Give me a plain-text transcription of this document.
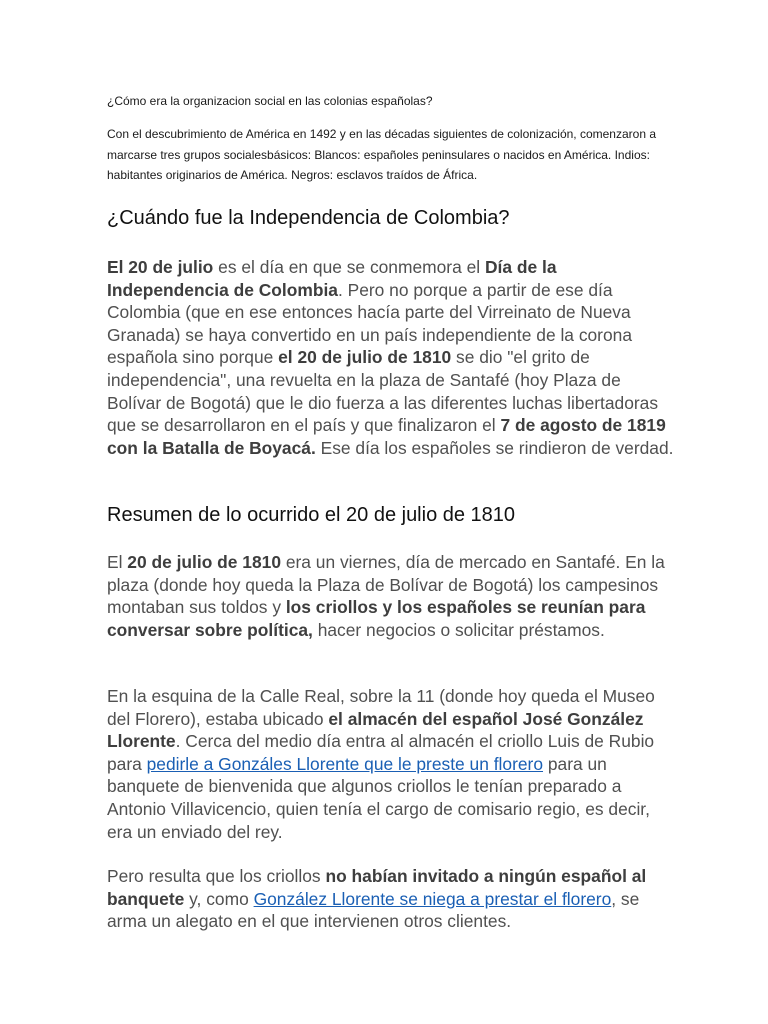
¿Cómo era la organizacion social en las colonias españolas?

Con el descubrimiento de América en 1492 y en las décadas siguientes de colonización, comenzaron a marcarse tres grupos socialesbásicos: Blancos: españoles peninsulares o nacidos en América. Indios: habitantes originarios de América. Negros: esclavos traídos de África.

¿Cuándo fue la Independencia de Colombia?

El 20 de julio es el día en que se conmemora el Día de la Independencia de Colombia. Pero no porque a partir de ese día Colombia (que en ese entonces hacía parte del Virreinato de Nueva Granada) se haya convertido en un país independiente de la corona española sino porque el 20 de julio de 1810 se dio "el grito de independencia", una revuelta en la plaza de Santafé (hoy Plaza de Bolívar de Bogotá) que le dio fuerza a las diferentes luchas libertadoras que se desarrollaron en el país y que finalizaron el 7 de agosto de 1819 con la Batalla de Boyacá. Ese día los españoles se rindieron de verdad.

Resumen de lo ocurrido el 20 de julio de 1810

El 20 de julio de 1810 era un viernes, día de mercado en Santafé. En la plaza (donde hoy queda la Plaza de Bolívar de Bogotá) los campesinos montaban sus toldos y los criollos y los españoles se reunían para conversar sobre política, hacer negocios o solicitar préstamos.

En la esquina de la Calle Real, sobre la 11 (donde hoy queda el Museo del Florero), estaba ubicado el almacén del español José González Llorente. Cerca del medio día entra al almacén el criollo Luis de Rubio para pedirle a Gonzáles Llorente que le preste un florero para un banquete de bienvenida que algunos criollos le tenían preparado a Antonio Villavicencio, quien tenía el cargo de comisario regio, es decir, era un enviado del rey.

Pero resulta que los criollos no habían invitado a ningún español al banquete y, como González Llorente se niega a prestar el florero, se arma un alegato en el que intervienen otros clientes.
